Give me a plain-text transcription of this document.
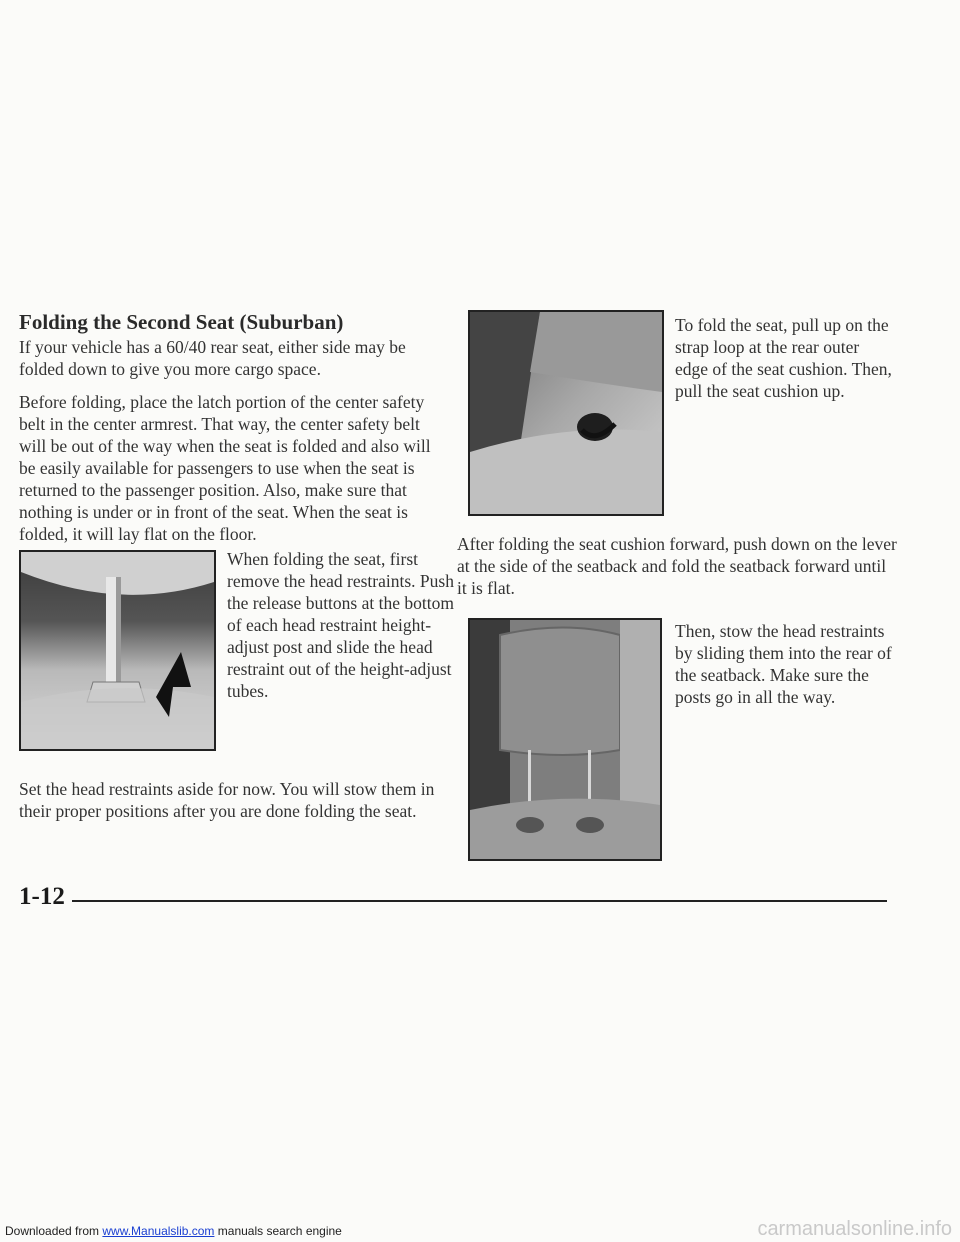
Folding the Second Seat (Suburban)

If your vehicle has a 60/40 rear seat, either side may be folded down to give you more cargo space.

Before folding, place the latch portion of the center safety belt in the center armrest. That way, the center safety belt will be out of the way when the seat is folded and also will be easily available for passengers to use when the seat is returned to the passenger position. Also, make sure that nothing is under or in front of the seat. When the seat is folded, it will lay flat on the floor.

When folding the seat, first remove the head restraints. Push the release buttons at the bottom of each head restraint height-adjust post and slide the head restraint out of the height-adjust tubes.

Set the head restraints aside for now. You will stow them in their proper positions after you are done folding the seat.

To fold the seat, pull up on the strap loop at the rear outer edge of the seat cushion. Then, pull the seat cushion up.

After folding the seat cushion forward, push down on the lever at the side of the seatback and fold the seatback forward until it is flat.

Then, stow the head restraints by sliding them into the rear of the seatback. Make sure the posts go in all the way.

1-12
Downloaded from www.Manualslib.com manuals search engine	carmanualsonline.info
